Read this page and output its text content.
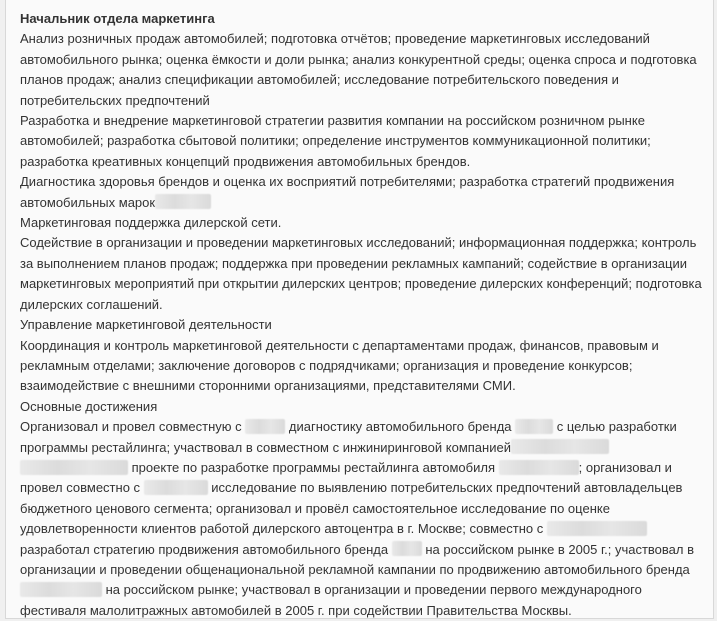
Начальник отдела маркетинга
Анализ розничных продаж автомобилей; подготовка отчётов; проведение маркетинговых исследований
автомобильного рынка; оценка ёмкости и доли рынка; анализ конкурентной среды; оценка спроса и подготовка
планов продаж; анализ спецификации автомобилей; исследование потребительского поведения и
потребительских предпочтений
Разработка и внедрение маркетинговой стратегии развития компании на российском розничном рынке
автомобилей; разработка сбытовой политики; определение инструментов коммуникационной политики;
разработка креативных концепций продвижения автомобильных брендов.
Диагностика здоровья брендов и оценка их восприятий потребителями; разработка стратегий продвижения
автомобильных марок
Маркетинговая поддержка дилерской сети.
Содействие в организации и проведении маркетинговых исследований; информационная поддержка; контроль
за выполнением планов продаж; поддержка при проведении рекламных кампаний; содействие в организации
маркетинговых мероприятий при открытии дилерских центров; проведение дилерских конференций; подготовка
дилерских соглашений.
Управление маркетинговой деятельности
Координация и контроль маркетинговой деятельности с департаментами продаж, финансов, правовым и
рекламным отделами; заключение договоров с подрядчиками; организация и проведение конкурсов;
взаимодействие с внешними сторонними организациями, представителями СМИ.
Основные достижения
Организовал и провел совместную с	диагностику автомобильного бренда	с целью разработки
программы рестайлинга; участвовал в совместном с инжиниринговой компанией
проекте по разработке программы рестайлинга автомобиля	; организовал и
провел совместно с	исследование по выявлению потребительских предпочтений автовладельцев
бюджетного ценового сегмента; организовал и провёл самостоятельное исследование по оценке
удовлетворенности клиентов работой дилерского автоцентра в г. Москве; совместно с
разработал стратегию продвижения автомобильного бренда	на российском рынке в 2005 г.; участвовал в
организации и проведении общенациональной рекламной кампании по продвижению автомобильного бренда
на российском рынке; участвовал в организации и проведении первого международного
фестиваля малолитражных автомобилей в 2005 г. при содействии Правительства Москвы.
